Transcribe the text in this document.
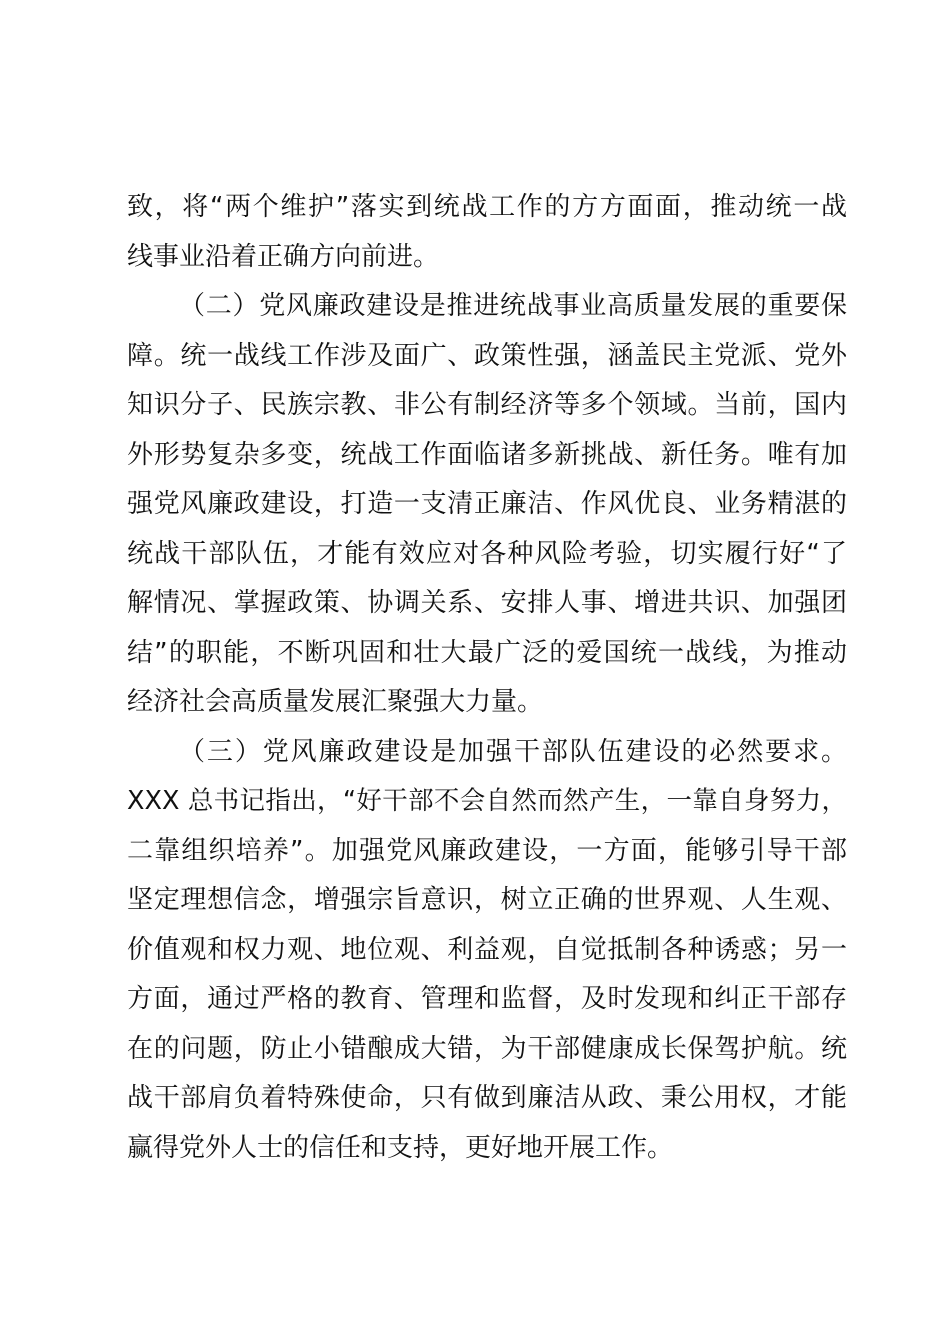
致，将“两个维护”落实到统战工作的方方面面，推动统一战
线事业沿着正确方向前进。
（二）党风廉政建设是推进统战事业高质量发展的重要保
障。统一战线工作涉及面广、政策性强，涵盖民主党派、党外
知识分子、民族宗教、非公有制经济等多个领域。当前，国内
外形势复杂多变，统战工作面临诸多新挑战、新任务。唯有加
强党风廉政建设，打造一支清正廉洁、作风优良、业务精湛的
统战干部队伍，才能有效应对各种风险考验，切实履行好“了
解情况、掌握政策、协调关系、安排人事、增进共识、加强团
结”的职能，不断巩固和壮大最广泛的爱国统一战线，为推动
经济社会高质量发展汇聚强大力量。
（三）党风廉政建设是加强干部队伍建设的必然要求。
XXX 总书记指出，“好干部不会自然而然产生，一靠自身努力，
二靠组织培养”。加强党风廉政建设，一方面，能够引导干部
坚定理想信念，增强宗旨意识，树立正确的世界观、人生观、
价值观和权力观、地位观、利益观，自觉抵制各种诱惑；另一
方面，通过严格的教育、管理和监督，及时发现和纠正干部存
在的问题，防止小错酿成大错，为干部健康成长保驾护航。统
战干部肩负着特殊使命，只有做到廉洁从政、秉公用权，才能
赢得党外人士的信任和支持，更好地开展工作。
